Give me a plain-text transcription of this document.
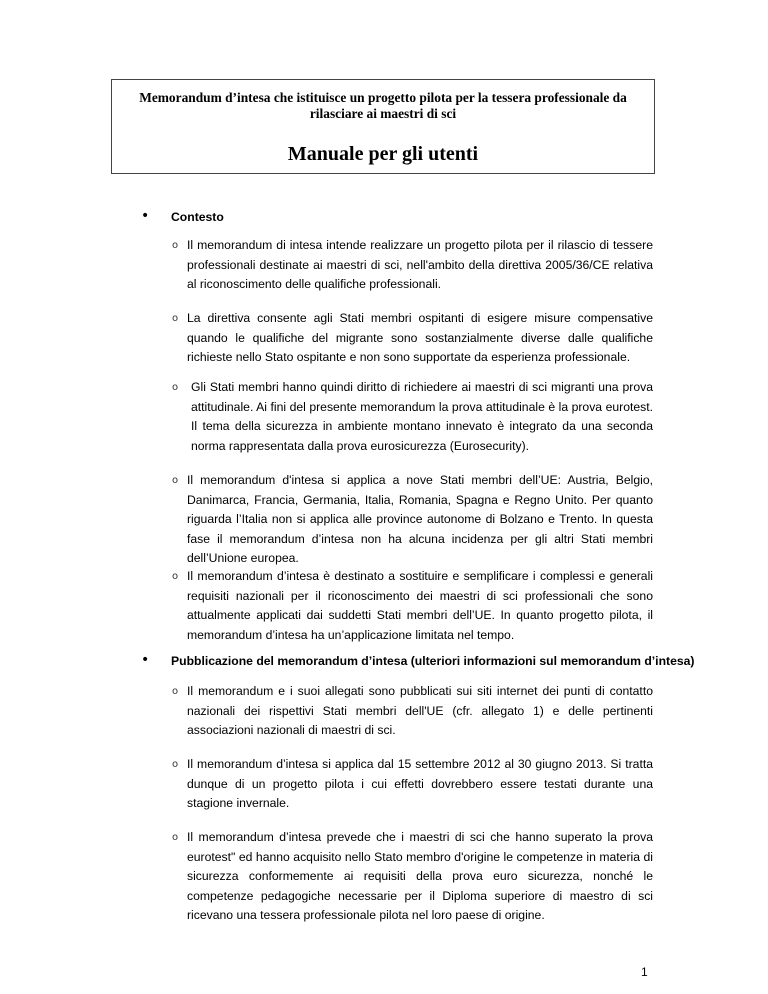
Memorandum d’intesa che istituisce un progetto pilota per la tessera professionale da rilasciare ai maestri di sci
Manuale per gli utenti
• Contesto
o Il memorandum di intesa intende realizzare un progetto pilota per il rilascio di tessere professionali destinate ai maestri di sci, nell'ambito della direttiva 2005/36/CE relativa al riconoscimento delle qualifiche professionali.
o La direttiva consente agli Stati membri ospitanti di esigere misure compensative quando le qualifiche del migrante sono sostanzialmente diverse dalle qualifiche richieste nello Stato ospitante e non sono supportate da esperienza professionale.
o Gli Stati membri hanno quindi diritto di richiedere ai maestri di sci migranti una prova attitudinale. Ai fini del presente memorandum la prova attitudinale è la prova eurotest. Il tema della sicurezza in ambiente montano innevato è integrato da una seconda norma rappresentata dalla prova eurosicurezza (Eurosecurity).
o Il memorandum d'intesa si applica a nove Stati membri dell’UE: Austria, Belgio, Danimarca, Francia, Germania, Italia, Romania, Spagna e Regno Unito. Per quanto riguarda l’Italia non si applica alle province autonome di Bolzano e Trento. In questa fase il memorandum d’intesa non ha alcuna incidenza per gli altri Stati membri dell’Unione europea.
o Il memorandum d’intesa è destinato a sostituire e semplificare i complessi e generali requisiti nazionali per il riconoscimento dei maestri di sci professionali che sono attualmente applicati dai suddetti Stati membri dell’UE. In quanto progetto pilota, il memorandum d’intesa ha un’applicazione limitata nel tempo.
• Pubblicazione del memorandum d’intesa (ulteriori informazioni sul memorandum d’intesa)
o Il memorandum e i suoi allegati sono pubblicati sui siti internet dei punti di contatto nazionali dei rispettivi Stati membri dell'UE (cfr. allegato 1) e delle pertinenti associazioni nazionali di maestri di sci.
o Il memorandum d’intesa si applica dal 15 settembre 2012 al 30 giugno 2013. Si tratta dunque di un progetto pilota i cui effetti dovrebbero essere testati durante una stagione invernale.
o Il memorandum d’intesa prevede che i maestri di sci che hanno superato la prova eurotest" ed hanno acquisito nello Stato membro d'origine le competenze in materia di sicurezza conformemente ai requisiti della prova euro sicurezza, nonché le competenze pedagogiche necessarie per il Diploma superiore di maestro di sci ricevano una tessera professionale pilota nel loro paese di origine.
1
